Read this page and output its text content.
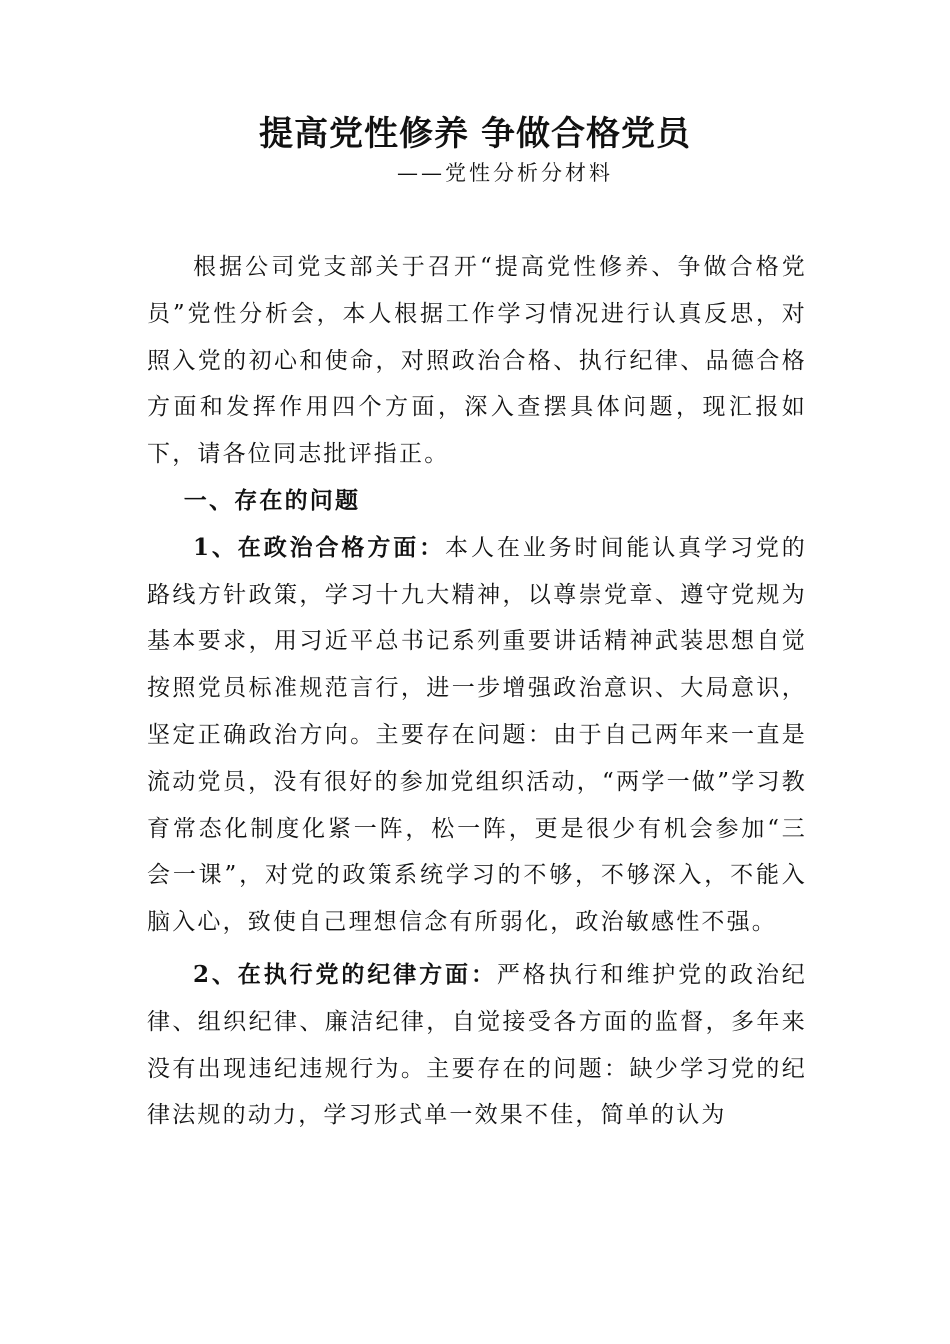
提高党性修养 争做合格党员
——党性分析分材料

根据公司党支部关于召开“提高党性修养、争做合格党员”党性分析会，本人根据工作学习情况进行认真反思，对照入党的初心和使命，对照政治合格、执行纪律、品德合格方面和发挥作用四个方面，深入查摆具体问题，现汇报如下，请各位同志批评指正。

一、存在的问题

1、在政治合格方面：本人在业务时间能认真学习党的路线方针政策，学习十九大精神，以尊崇党章、遵守党规为基本要求，用习近平总书记系列重要讲话精神武装思想自觉按照党员标准规范言行，进一步增强政治意识、大局意识，坚定正确政治方向。主要存在问题：由于自己两年来一直是流动党员，没有很好的参加党组织活动，“两学一做”学习教育常态化制度化紧一阵，松一阵，更是很少有机会参加“三会一课”，对党的政策系统学习的不够，不够深入，不能入脑入心，致使自己理想信念有所弱化，政治敏感性不强。

2、在执行党的纪律方面：严格执行和维护党的政治纪律、组织纪律、廉洁纪律，自觉接受各方面的监督，多年来没有出现违纪违规行为。主要存在的问题：缺少学习党的纪律法规的动力，学习形式单一效果不佳，简单的认为
